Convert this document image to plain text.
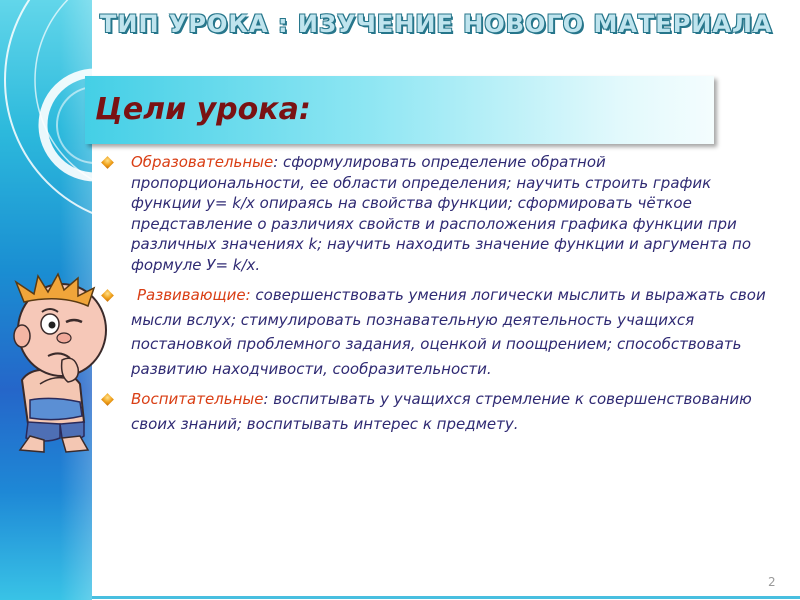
ТИП УРОКА : ИЗУЧЕНИЕ НОВОГО МАТЕРИАЛА
Цели урока:
Образовательные: сформулировать определение обратной пропорциональности, ее области определения; научить строить график функции y= k/x опираясь на свойства функции; сформировать чёткое представление о различиях свойств и расположения графика функции при различных значениях k; научить находить значение функции и аргумента по формуле У= k/x.
Развивающие: совершенствовать умения логически мыслить и выражать свои мысли вслух; стимулировать познавательную деятельность учащихся постановкой проблемного задания, оценкой и поощрением; способствовать развитию находчивости, сообразительности.
Воспитательные: воспитывать у учащихся стремление к совершенствованию своих знаний; воспитывать интерес к предмету.
2
